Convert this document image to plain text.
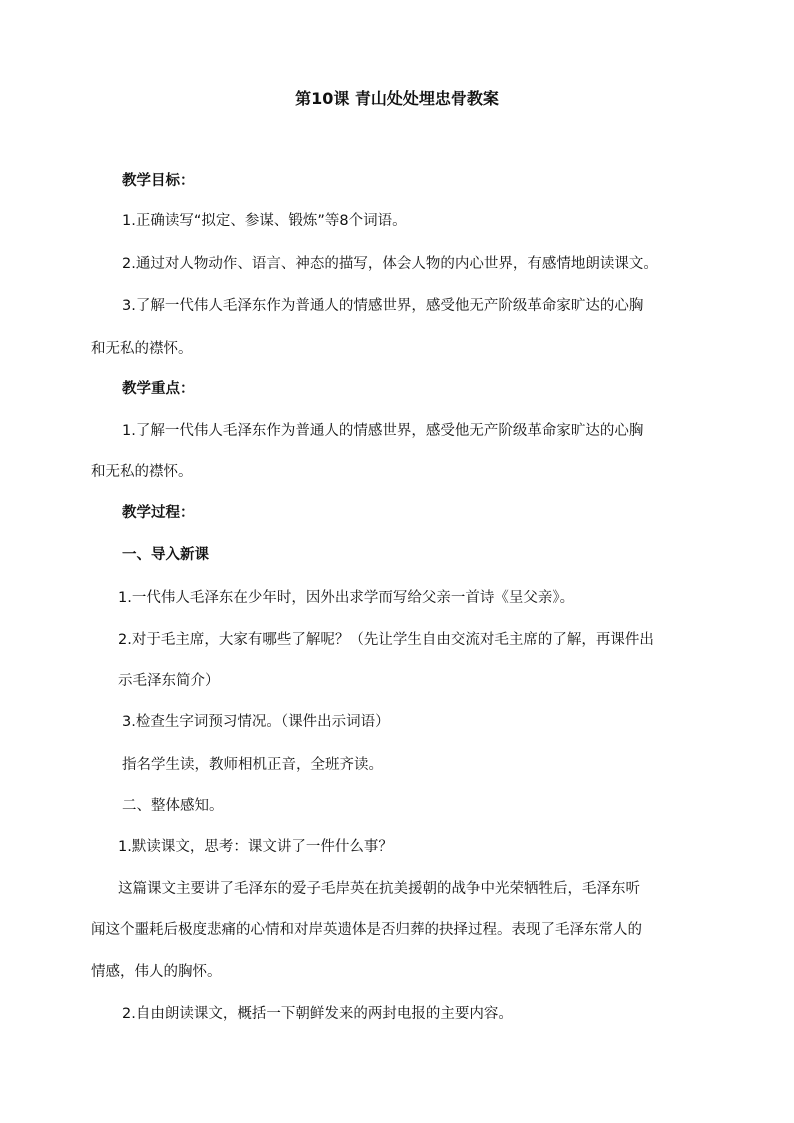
第10课 青山处处埋忠骨教案

教学目标：

1.正确读写“拟定、参谋、锻炼”等8个词语。

2.通过对人物动作、语言、神态的描写，体会人物的内心世界，有感情地朗读课文。

3.了解一代伟人毛泽东作为普通人的情感世界，感受他无产阶级革命家旷达的心胸

和无私的襟怀。

教学重点：

1.了解一代伟人毛泽东作为普通人的情感世界，感受他无产阶级革命家旷达的心胸

和无私的襟怀。

教学过程：

一、导入新课

1.一代伟人毛泽东在少年时，因外出求学而写给父亲一首诗《呈父亲》。

2.对于毛主席，大家有哪些了解呢？（先让学生自由交流对毛主席的了解，再课件出

示毛泽东简介）

3.检查生字词预习情况。（课件出示词语）

指名学生读，教师相机正音，全班齐读。

二、整体感知。

1.默读课文，思考：课文讲了一件什么事？

这篇课文主要讲了毛泽东的爱子毛岸英在抗美援朝的战争中光荣牺牲后，毛泽东听

闻这个噩耗后极度悲痛的心情和对岸英遗体是否归葬的抉择过程。表现了毛泽东常人的

情感，伟人的胸怀。

2.自由朗读课文，概括一下朝鲜发来的两封电报的主要内容。
